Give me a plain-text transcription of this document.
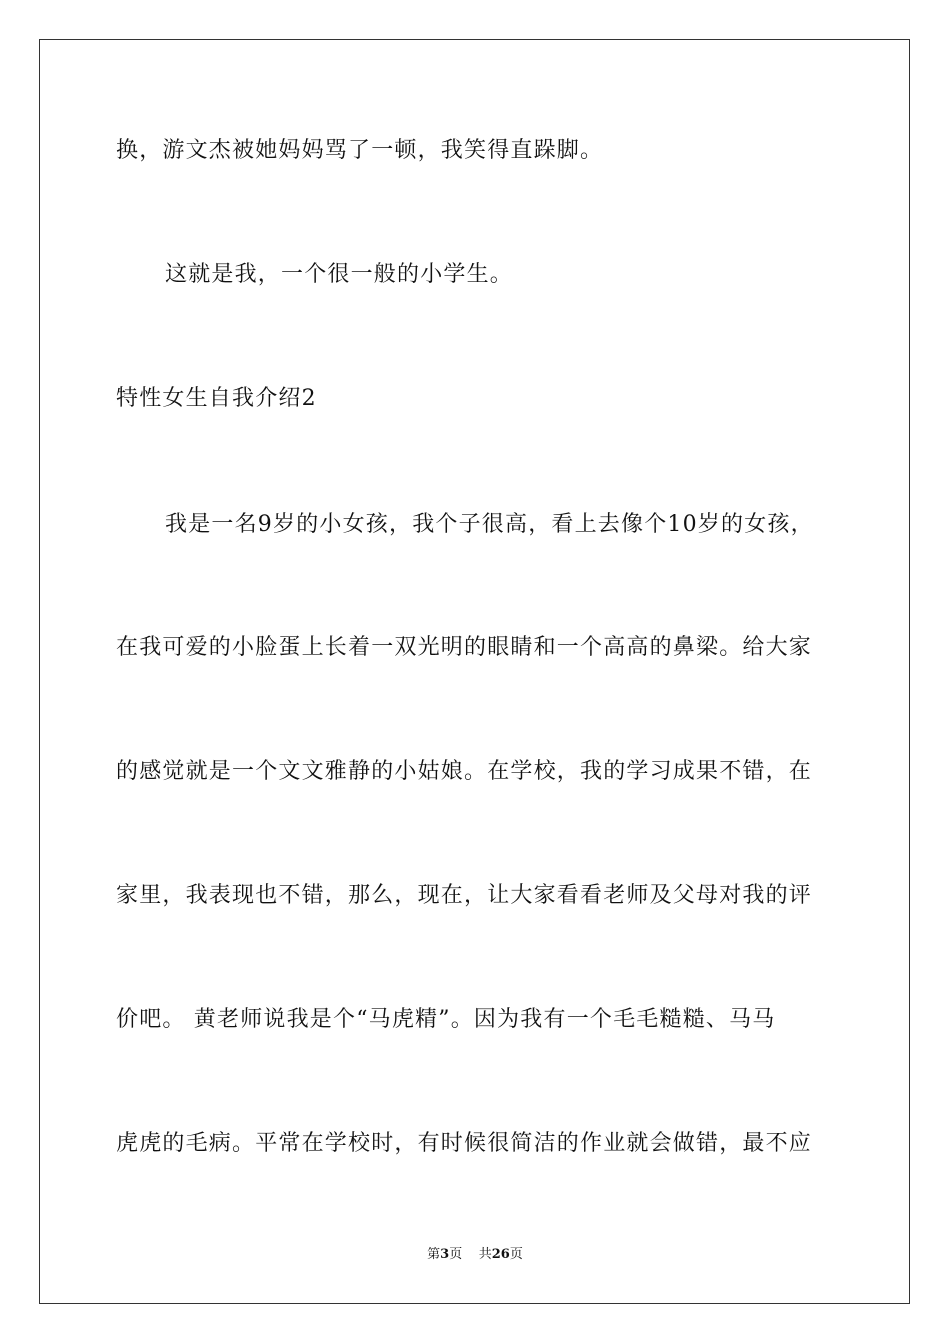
换，游文杰被她妈妈骂了一顿，我笑得直跺脚。
这就是我，一个很一般的小学生。
特性女生自我介绍2
我是一名9岁的小女孩，我个子很高，看上去像个10岁的女孩，
在我可爱的小脸蛋上长着一双光明的眼睛和一个高高的鼻梁。给大家
的感觉就是一个文文雅静的小姑娘。在学校，我的学习成果不错，在
家里，我表现也不错，那么，现在，让大家看看老师及父母对我的评
价吧。 黄老师说我是个“马虎精”。因为我有一个毛毛糙糙、马马
虎虎的毛病。平常在学校时，有时候很简洁的作业就会做错，最不应
第3页 共26页
